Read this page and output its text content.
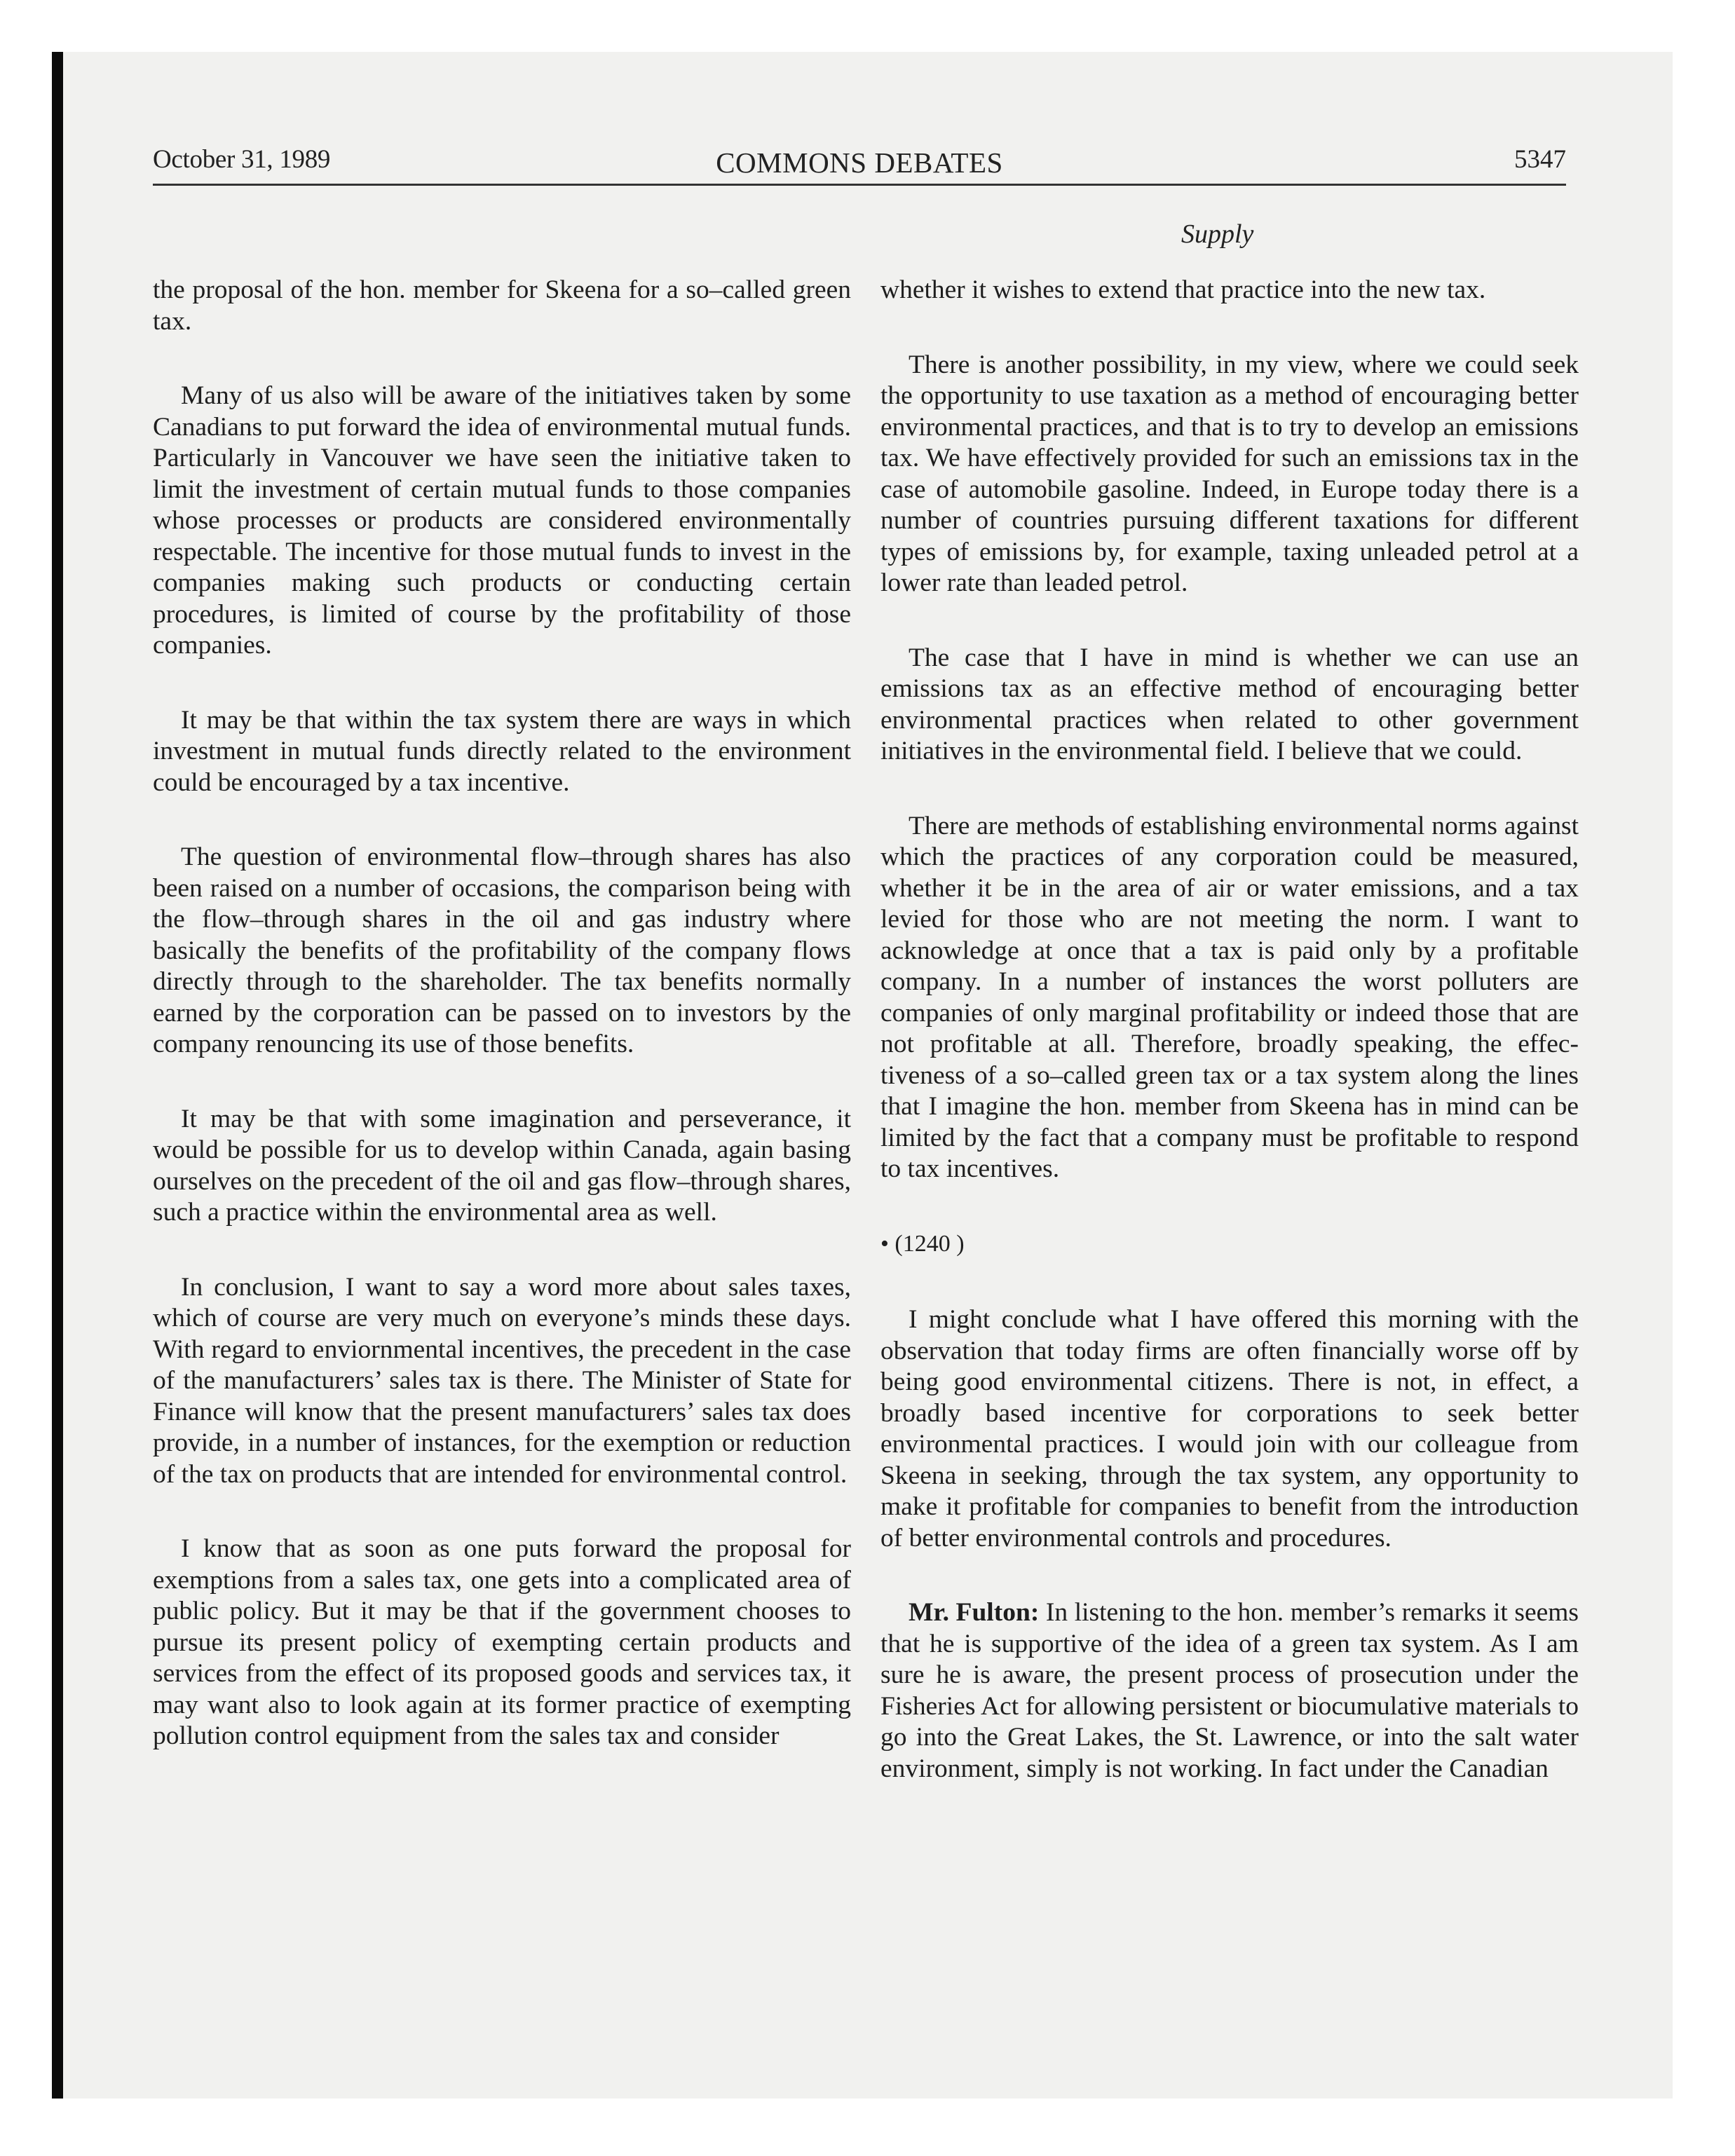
October 31, 1989	COMMONS DEBATES	5347
Supply

the proposal of the hon. member for Skeena for a so–called green tax.

Many of us also will be aware of the initiatives taken by some Canadians to put forward the idea of environmental mutual funds. Particularly in Vancouver we have seen the initiative taken to limit the investment of certain mutual funds to those companies whose processes or products are considered environmentally respectable. The incentive for those mutual funds to invest in the companies making such products or conducting certain procedures, is limited of course by the profitability of those companies.

It may be that within the tax system there are ways in which investment in mutual funds directly related to the environment could be encouraged by a tax incentive.

The question of environmental flow–through shares has also been raised on a number of occasions, the comparison being with the flow–through shares in the oil and gas industry where basically the benefits of the profitability of the company flows directly through to the shareholder. The tax benefits normally earned by the corporation can be passed on to investors by the company renouncing its use of those benefits.

It may be that with some imagination and perseverance, it would be possible for us to develop within Canada, again basing ourselves on the precedent of the oil and gas flow–through shares, such a practice within the environmental area as well.

In conclusion, I want to say a word more about sales taxes, which of course are very much on everyone’s minds these days. With regard to enviornmental incentives, the precedent in the case of the manufacturers’ sales tax is there. The Minister of State for Finance will know that the present manufacturers’ sales tax does provide, in a number of instances, for the exemption or reduction of the tax on products that are intended for environmental control.

I know that as soon as one puts forward the proposal for exemptions from a sales tax, one gets into a complicated area of public policy. But it may be that if the government chooses to pursue its present policy of exempting certain products and services from the effect of its proposed goods and services tax, it may want also to look again at its former practice of exempting pollution control equipment from the sales tax and consider

whether it wishes to extend that practice into the new tax.

There is another possibility, in my view, where we could seek the opportunity to use taxation as a method of encouraging better environmental practices, and that is to try to develop an emissions tax. We have effectively provided for such an emissions tax in the case of automobile gasoline. Indeed, in Europe today there is a number of countries pursuing different taxations for different types of emissions by, for example, taxing unleaded petrol at a lower rate than leaded petrol.

The case that I have in mind is whether we can use an emissions tax as an effective method of encouraging better environmental practices when related to other government initiatives in the environmental field. I believe that we could.

There are methods of establishing environmental norms against which the practices of any corporation could be measured, whether it be in the area of air or water emissions, and a tax levied for those who are not meeting the norm. I want to acknowledge at once that a tax is paid only by a profitable company. In a number of instances the worst polluters are companies of only marginal profitability or indeed those that are not profitable at all. Therefore, broadly speaking, the effectiveness of a so–called green tax or a tax system along the lines that I imagine the hon. member from Skeena has in mind can be limited by the fact that a company must be profitable to respond to tax incentives.

• (1240 )

I might conclude what I have offered this morning with the observation that today firms are often financially worse off by being good environmental citizens. There is not, in effect, a broadly based incentive for corporations to seek better environmental practices. I would join with our colleague from Skeena in seeking, through the tax system, any opportunity to make it profitable for companies to benefit from the introduction of better environmental controls and procedures.

Mr. Fulton: In listening to the hon. member’s remarks it seems that he is supportive of the idea of a green tax system. As I am sure he is aware, the present process of prosecution under the Fisheries Act for allowing persistent or biocumulative materials to go into the Great Lakes, the St. Lawrence, or into the salt water environment, simply is not working. In fact under the Canadian
